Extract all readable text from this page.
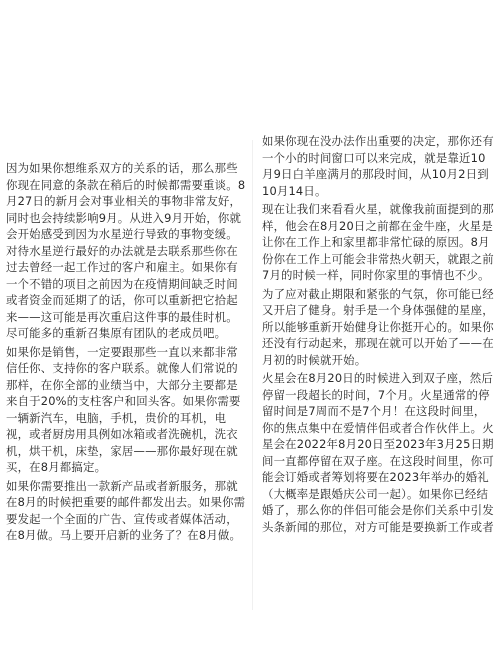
因为如果你想维系双方的关系的话，那么那些你现在同意的条款在稍后的时候都需要重谈。8月27日的新月会对事业相关的事物非常友好，同时也会持续影响9月。从进入9月开始，你就会开始感受到因为水星逆行导致的事物变缓。对待水星逆行最好的办法就是去联系那些你在过去曾经一起工作过的客户和雇主。如果你有一个不错的项目之前因为在疫情期间缺乏时间或者资金而延期了的话，你可以重新把它拾起来——这可能是再次重启这件事的最佳时机。尽可能多的重新召集原有团队的老成员吧。

如果你是销售，一定要跟那些一直以来都非常信任你、支持你的客户联系。就像人们常说的那样，在你全部的业绩当中，大部分主要都是来自于20%的支柱客户和回头客。如果你需要一辆新汽车，电脑，手机，贵价的耳机，电视，或者厨房用具例如冰箱或者洗碗机，洗衣机，烘干机，床垫，家居——那你最好现在就买，在8月都搞定。

如果你需要推出一款新产品或者新服务，那就在8月的时候把重要的邮件都发出去。如果你需要发起一个全面的广告、宣传或者媒体活动，在8月做。马上要开启新的业务了？在8月做。

如果你现在没办法作出重要的决定，那你还有一个小的时间窗口可以来完成，就是靠近10月9日白羊座满月的那段时间，从10月2日到10月14日。

现在让我们来看看火星，就像我前面提到的那样，他会在8月20日之前都在金牛座，火星是让你在工作上和家里都非常忙碌的原因。8月份你在工作上可能会非常热火朝天，就跟之前7月的时候一样，同时你家里的事情也不少。

为了应对截止期限和紧张的气氛，你可能已经又开启了健身。射手是一个身体强健的星座，所以能够重新开始健身让你挺开心的。如果你还没有行动起来，那现在就可以开始了——在月初的时候就开始。

火星会在8月20日的时候进入到双子座，然后停留一段超长的时间，7个月。火星通常的停留时间是7周而不是7个月！在这段时间里，你的焦点集中在爱情伴侣或者合作伙伴上。火星会在2022年8月20日至2023年3月25日期间一直都停留在双子座。在这段时间里，你可能会订婚或者筹划将要在2023年举办的婚礼（大概率是跟婚庆公司一起）。如果你已经结婚了，那么你的伴侣可能会是你们关系中引发头条新闻的那位，对方可能是要换新工作或者
